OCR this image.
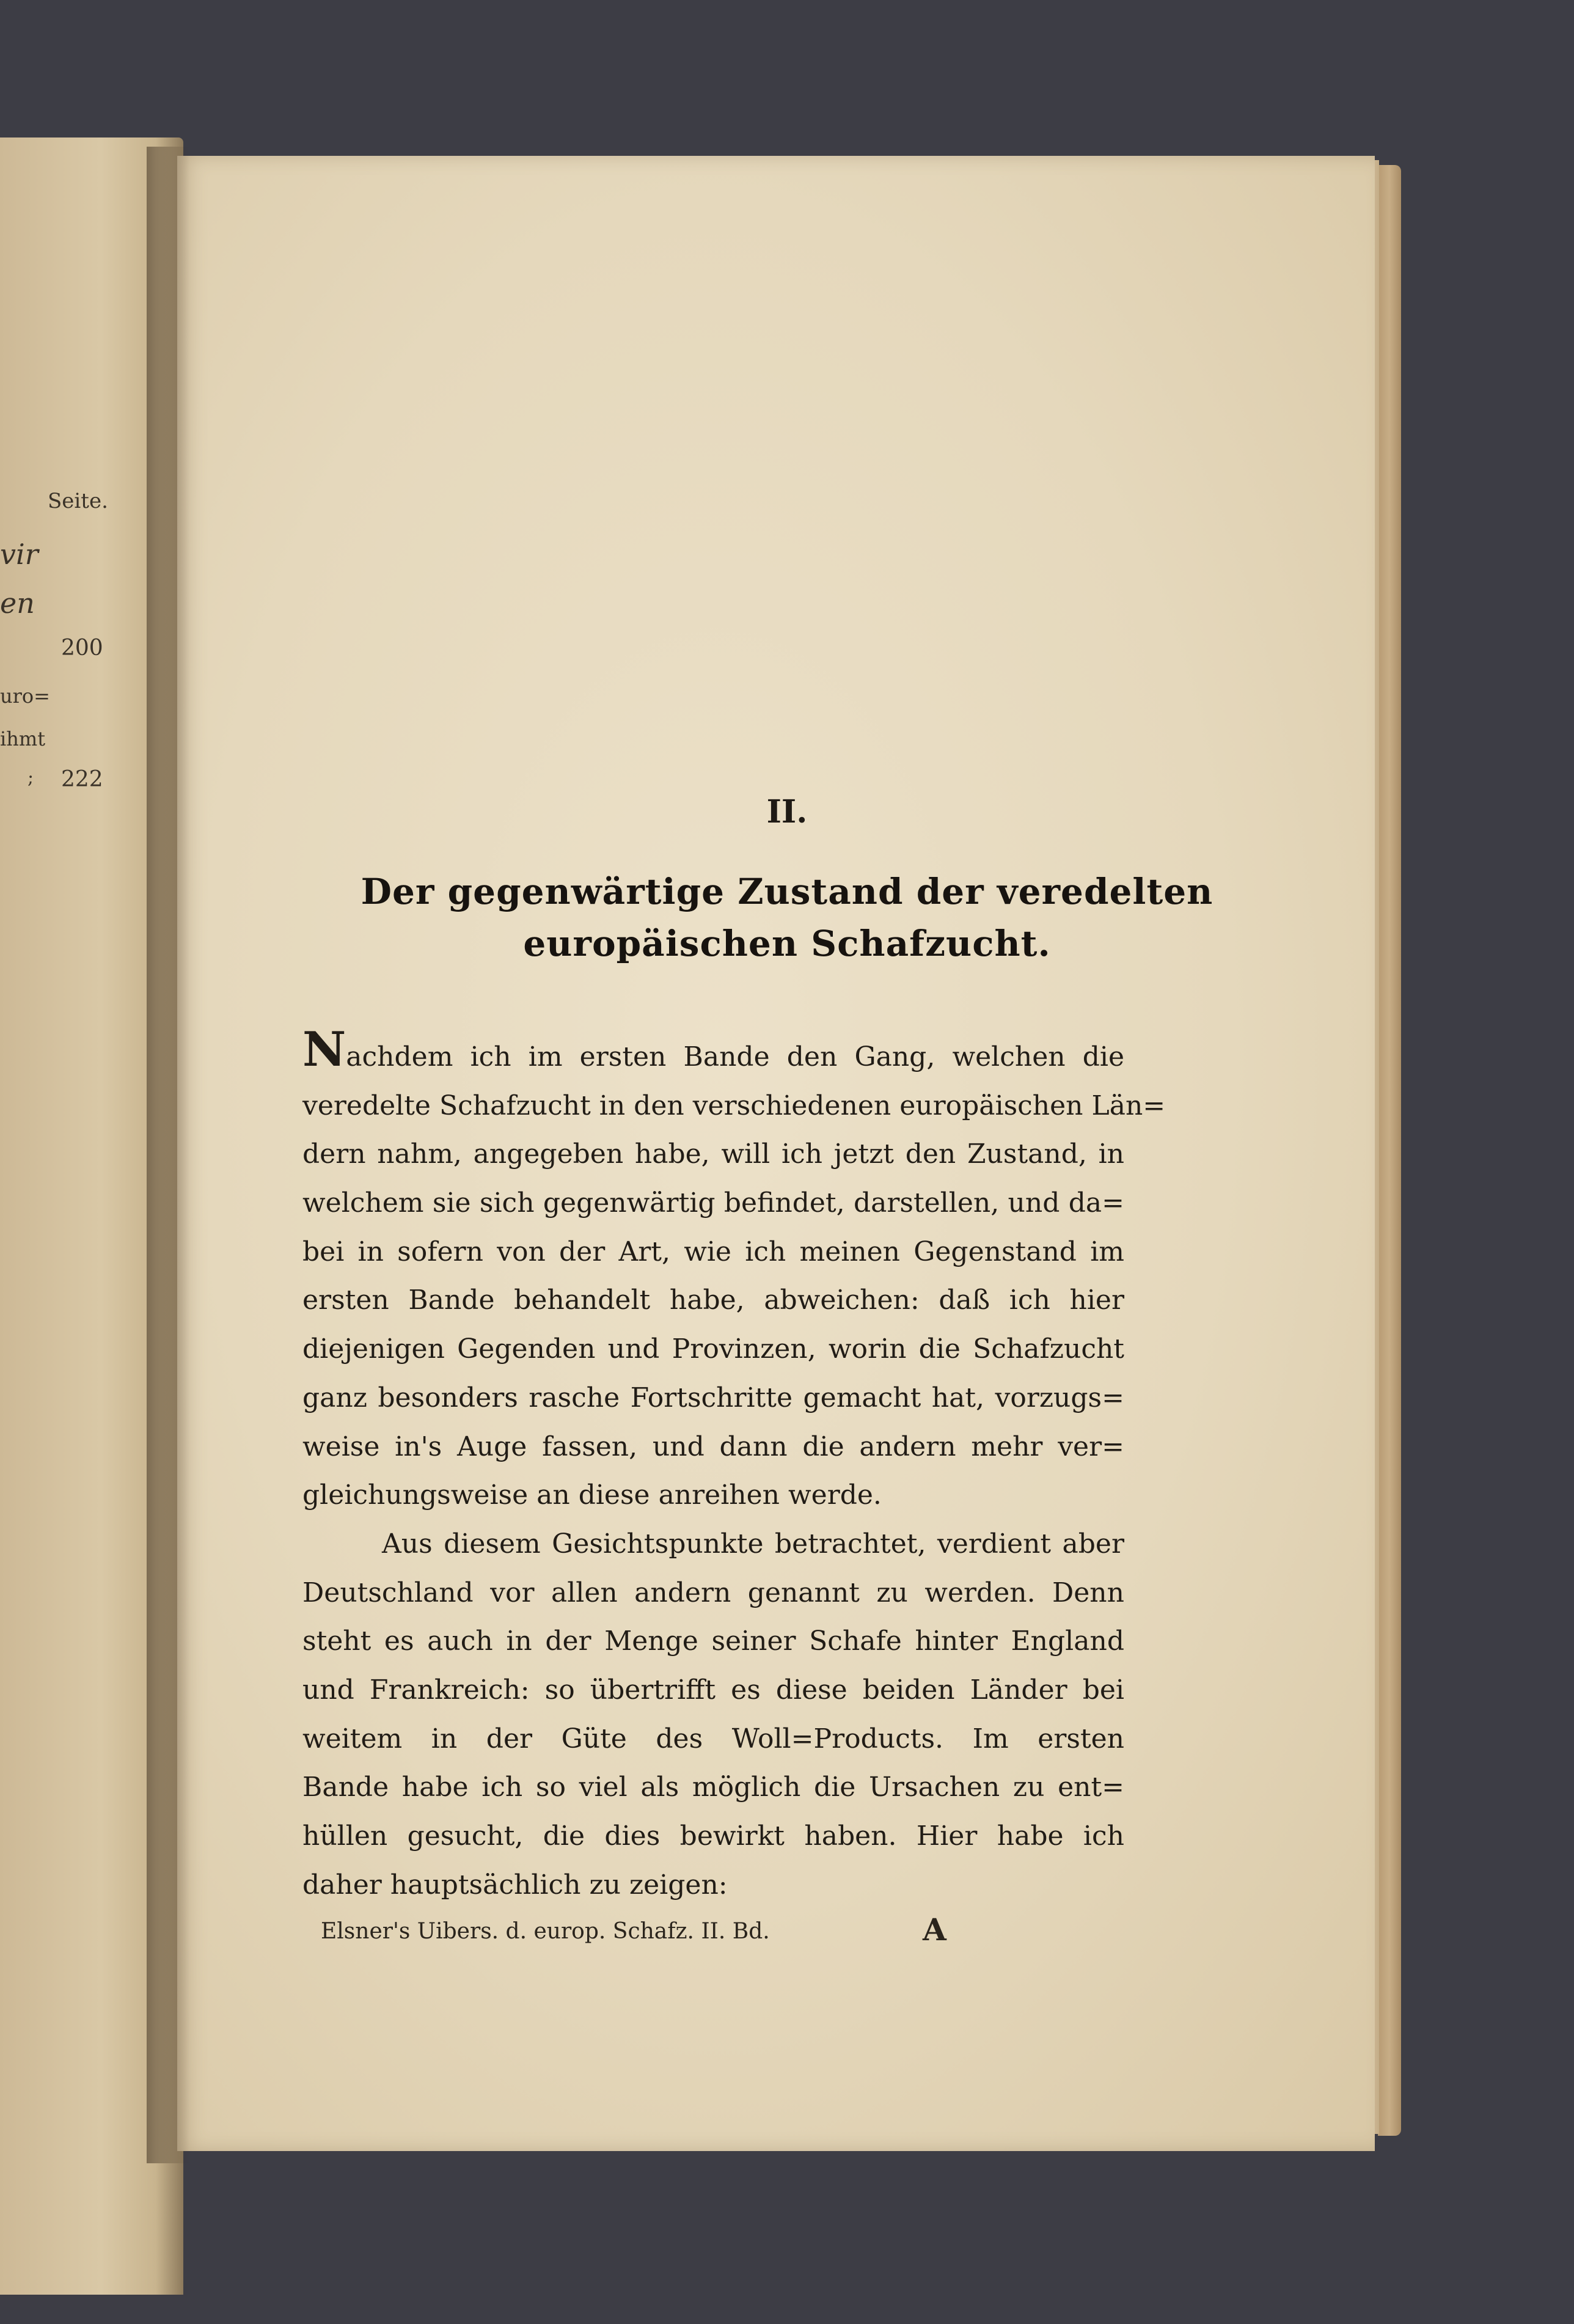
Seite.
vir
en
200
uro=
ihmt
; 222
II.
Der gegenwärtige Zustand der veredelten
europäischen Schafzucht.
Nachdem ich im ersten Bande den Gang, welchen die
veredelte Schafzucht in den verschiedenen europäischen Län=
dern nahm, angegeben habe, will ich jetzt den Zustand, in
welchem sie sich gegenwärtig befindet, darstellen, und da=
bei in sofern von der Art, wie ich meinen Gegenstand im
ersten Bande behandelt habe, abweichen: daß ich hier
diejenigen Gegenden und Provinzen, worin die Schafzucht
ganz besonders rasche Fortschritte gemacht hat, vorzugs=
weise in's Auge fassen, und dann die andern mehr ver=
gleichungsweise an diese anreihen werde.
Aus diesem Gesichtspunkte betrachtet, verdient aber
Deutschland vor allen andern genannt zu werden. Denn
steht es auch in der Menge seiner Schafe hinter England
und Frankreich: so übertrifft es diese beiden Länder bei
weitem in der Güte des Woll=Products. Im ersten
Bande habe ich so viel als möglich die Ursachen zu ent=
hüllen gesucht, die dies bewirkt haben. Hier habe ich
daher hauptsächlich zu zeigen:
Elsner's Uibers. d. europ. Schafz. II. Bd.	A
